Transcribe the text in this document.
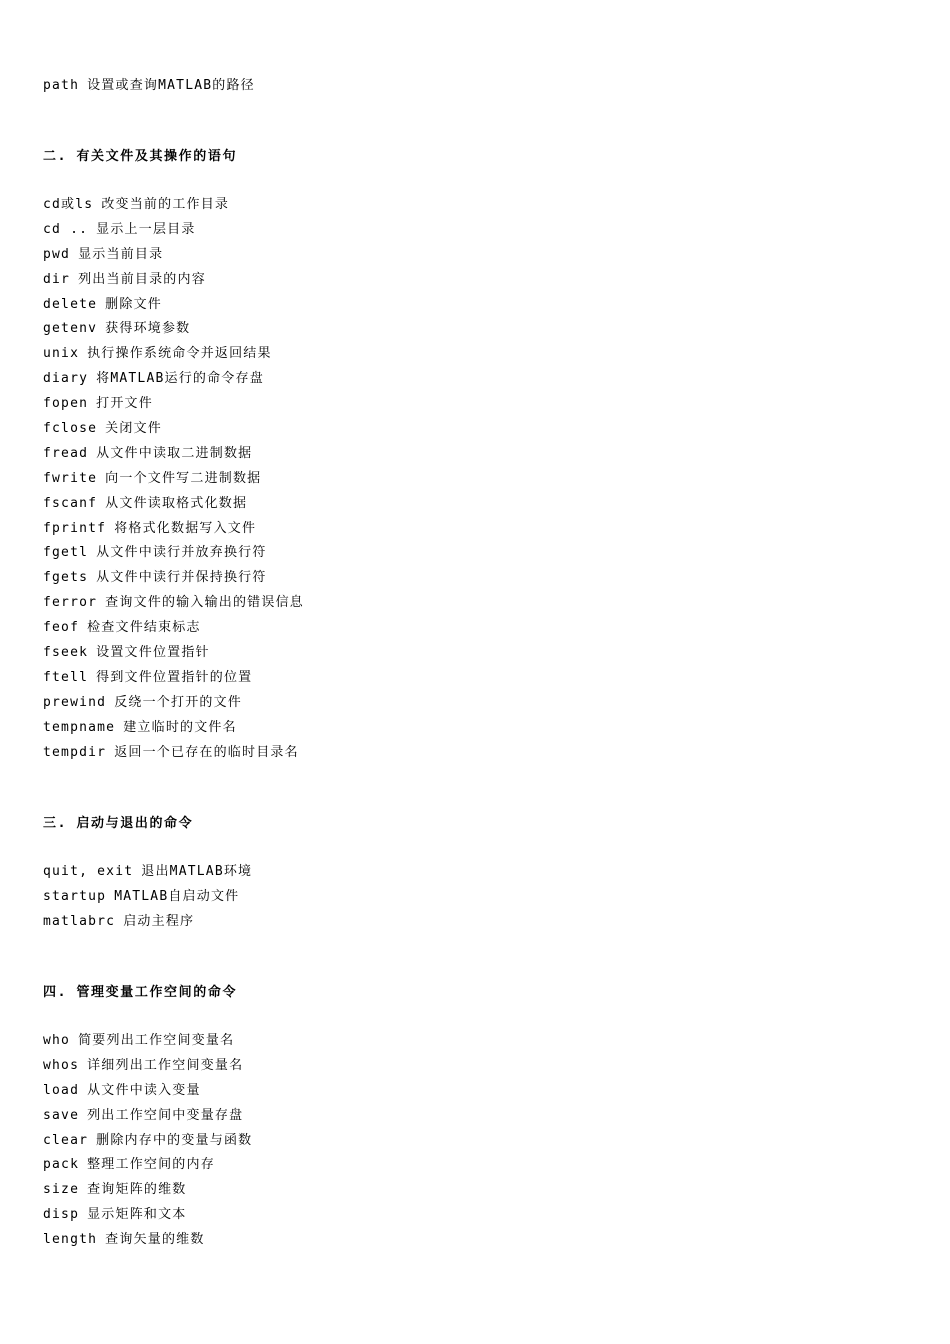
path 设置或查询MATLAB的路径
二. 有关文件及其操作的语句
cd或ls 改变当前的工作目录
cd .. 显示上一层目录
pwd 显示当前目录
dir 列出当前目录的内容
delete 删除文件
getenv 获得环境参数
unix 执行操作系统命令并返回结果
diary 将MATLAB运行的命令存盘
fopen 打开文件
fclose 关闭文件
fread 从文件中读取二进制数据
fwrite 向一个文件写二进制数据
fscanf 从文件读取格式化数据
fprintf 将格式化数据写入文件
fgetl 从文件中读行并放弃换行符
fgets 从文件中读行并保持换行符
ferror 查询文件的输入输出的错误信息
feof 检查文件结束标志
fseek 设置文件位置指针
ftell 得到文件位置指针的位置
prewind 反绕一个打开的文件
tempname 建立临时的文件名
tempdir 返回一个已存在的临时目录名
三. 启动与退出的命令
quit, exit 退出MATLAB环境
startup MATLAB自启动文件
matlabrc 启动主程序
四. 管理变量工作空间的命令
who 简要列出工作空间变量名
whos 详细列出工作空间变量名
load 从文件中读入变量
save 列出工作空间中变量存盘
clear 删除内存中的变量与函数
pack 整理工作空间的内存
size 查询矩阵的维数
disp 显示矩阵和文本
length 查询矢量的维数
